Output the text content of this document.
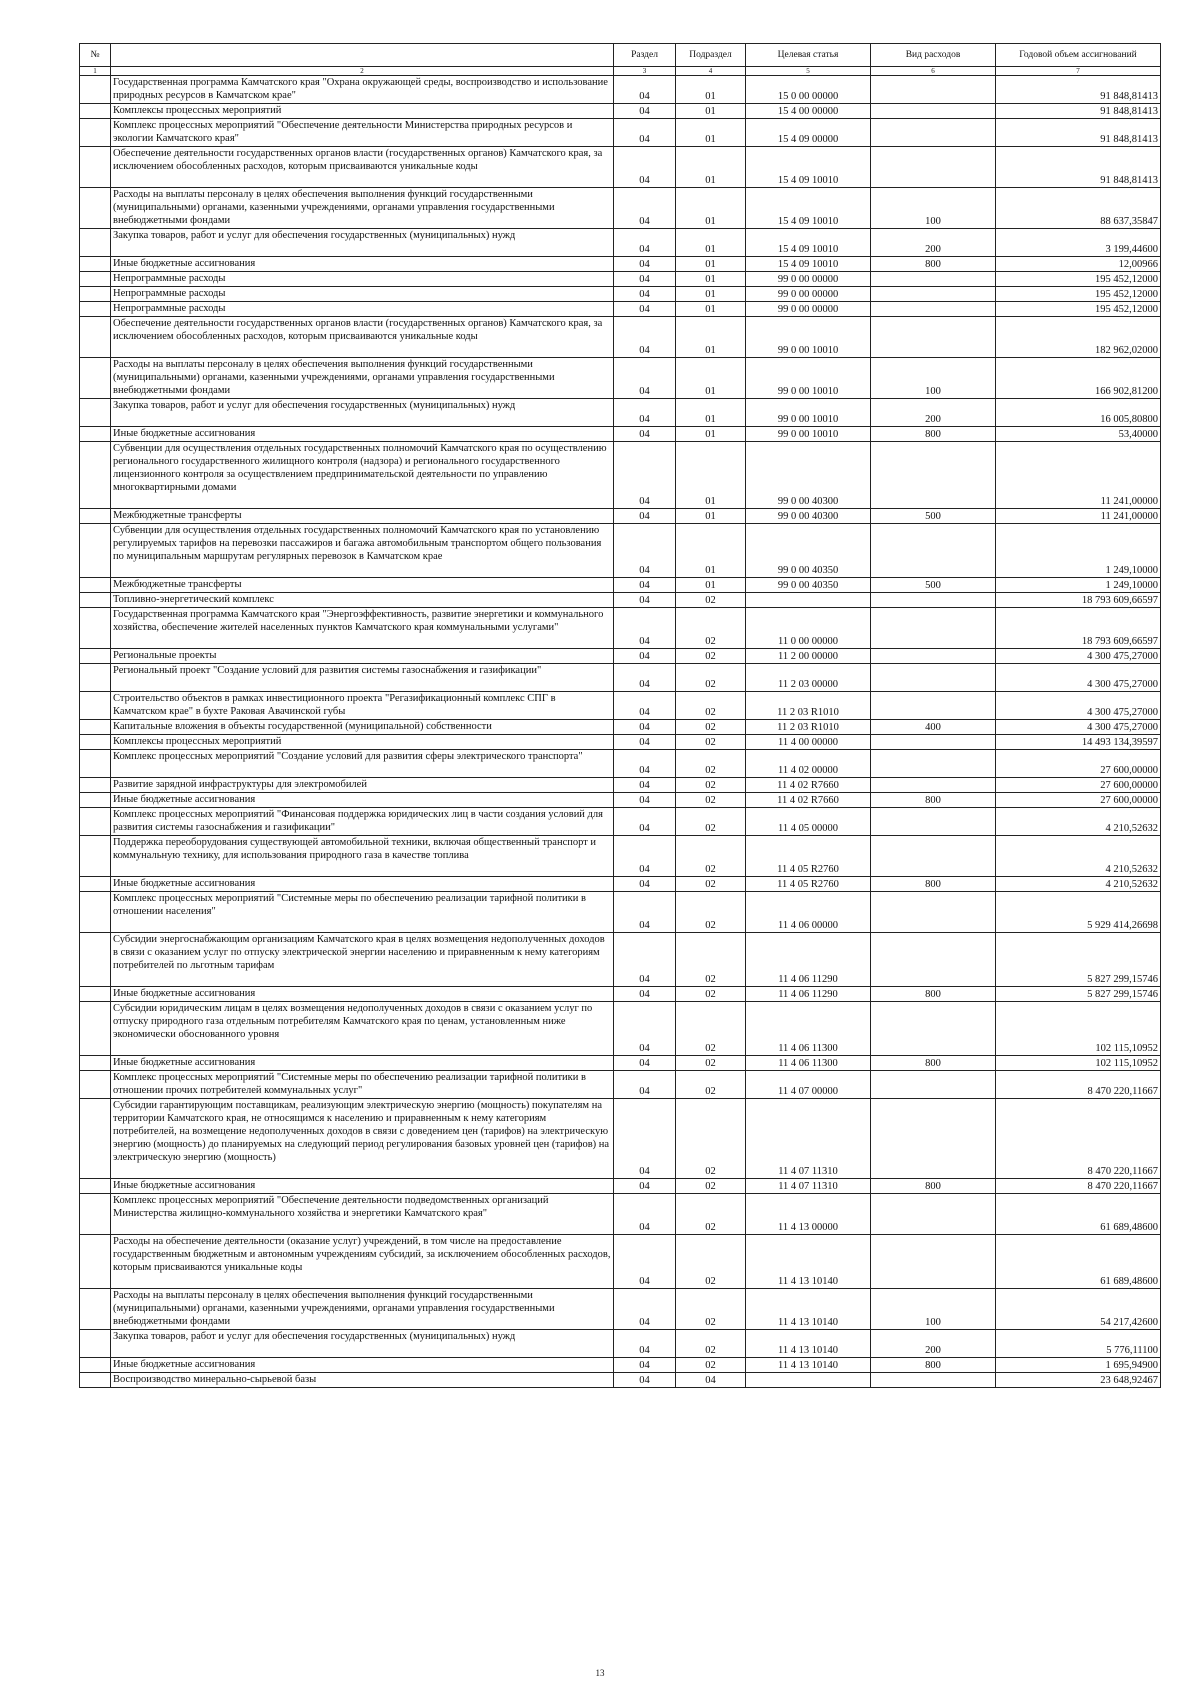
№		Раздел	Подраздел	Целевая статья	Вид расходов	Годовой объем ассигнований
1	2	3	4	5	6	7
	Государственная программа Камчатского края "Охрана окружающей среды, воспроизводство и использование природных ресурсов в Камчатском крае"	04	01	15 0 00 00000		91 848,81413
	Комплексы процессных мероприятий	04	01	15 4 00 00000		91 848,81413
	Комплекс процессных мероприятий "Обеспечение деятельности Министерства природных ресурсов и экологии Камчатского края"	04	01	15 4 09 00000		91 848,81413
	Обеспечение деятельности государственных органов власти (государственных органов) Камчатского края, за исключением обособленных расходов, которым присваиваются уникальные коды	04	01	15 4 09 10010		91 848,81413
	Расходы на выплаты персоналу в целях обеспечения выполнения функций государственными (муниципальными) органами, казенными учреждениями, органами управления государственными внебюджетными фондами	04	01	15 4 09 10010	100	88 637,35847
	Закупка товаров, работ и услуг для обеспечения государственных (муниципальных) нужд	04	01	15 4 09 10010	200	3 199,44600
	Иные бюджетные ассигнования	04	01	15 4 09 10010	800	12,00966
	Непрограммные расходы	04	01	99 0 00 00000		195 452,12000
	Непрограммные расходы	04	01	99 0 00 00000		195 452,12000
	Непрограммные расходы	04	01	99 0 00 00000		195 452,12000
	Обеспечение деятельности государственных органов власти (государственных органов) Камчатского края, за исключением обособленных расходов, которым присваиваются уникальные коды	04	01	99 0 00 10010		182 962,02000
	Расходы на выплаты персоналу в целях обеспечения выполнения функций государственными (муниципальными) органами, казенными учреждениями, органами управления государственными внебюджетными фондами	04	01	99 0 00 10010	100	166 902,81200
	Закупка товаров, работ и услуг для обеспечения государственных (муниципальных) нужд	04	01	99 0 00 10010	200	16 005,80800
	Иные бюджетные ассигнования	04	01	99 0 00 10010	800	53,40000
	Субвенции для осуществления отдельных государственных полномочий Камчатского края по осуществлению регионального государственного жилищного контроля (надзора) и регионального государственного лицензионного контроля за осуществлением предпринимательской деятельности по управлению многоквартирными домами	04	01	99 0 00 40300		11 241,00000
	Межбюджетные трансферты	04	01	99 0 00 40300	500	11 241,00000
	Субвенции для осуществления отдельных государственных полномочий Камчатского края по установлению регулируемых тарифов на перевозки пассажиров и багажа автомобильным транспортом общего пользования по муниципальным маршрутам регулярных перевозок в Камчатском крае	04	01	99 0 00 40350		1 249,10000
	Межбюджетные трансферты	04	01	99 0 00 40350	500	1 249,10000
	Топливно-энергетический комплекс	04	02			18 793 609,66597
	Государственная программа Камчатского края "Энергоэффективность, развитие энергетики и коммунального хозяйства, обеспечение жителей населенных пунктов Камчатского края коммунальными услугами"	04	02	11 0 00 00000		18 793 609,66597
	Региональные проекты	04	02	11 2 00 00000		4 300 475,27000
	Региональный проект "Создание условий для развития системы газоснабжения и газификации"	04	02	11 2 03 00000		4 300 475,27000
	Строительство объектов в рамках инвестиционного проекта "Регазификационный комплекс СПГ в Камчатском крае" в бухте Раковая Авачинской губы	04	02	11 2 03 R1010		4 300 475,27000
	Капитальные вложения в объекты государственной (муниципальной) собственности	04	02	11 2 03 R1010	400	4 300 475,27000
	Комплексы процессных мероприятий	04	02	11 4 00 00000		14 493 134,39597
	Комплекс процессных мероприятий "Создание условий для развития сферы электрического транспорта"	04	02	11 4 02 00000		27 600,00000
	Развитие зарядной инфраструктуры для электромобилей	04	02	11 4 02 R7660		27 600,00000
	Иные бюджетные ассигнования	04	02	11 4 02 R7660	800	27 600,00000
	Комплекс процессных мероприятий "Финансовая поддержка юридических лиц в части создания условий для развития системы газоснабжения и газификации"	04	02	11 4 05 00000		4 210,52632
	Поддержка переоборудования существующей автомобильной техники, включая общественный транспорт и коммунальную технику, для использования природного газа в качестве топлива	04	02	11 4 05 R2760		4 210,52632
	Иные бюджетные ассигнования	04	02	11 4 05 R2760	800	4 210,52632
	Комплекс процессных мероприятий "Системные меры по обеспечению реализации тарифной политики в отношении населения"	04	02	11 4 06 00000		5 929 414,26698
	Субсидии энергоснабжающим организациям Камчатского края в целях возмещения недополученных доходов в связи с оказанием услуг по отпуску электрической энергии населению и приравненным к нему категориям потребителей по льготным тарифам	04	02	11 4 06 11290		5 827 299,15746
	Иные бюджетные ассигнования	04	02	11 4 06 11290	800	5 827 299,15746
	Субсидии юридическим лицам в целях возмещения недополученных доходов в связи с оказанием услуг по отпуску природного газа отдельным потребителям Камчатского края по ценам, установленным ниже экономически обоснованного уровня	04	02	11 4 06 11300		102 115,10952
	Иные бюджетные ассигнования	04	02	11 4 06 11300	800	102 115,10952
	Комплекс процессных мероприятий "Системные меры по обеспечению реализации тарифной политики в отношении прочих потребителей коммунальных услуг"	04	02	11 4 07 00000		8 470 220,11667
	Субсидии гарантирующим поставщикам, реализующим электрическую энергию (мощность) покупателям на территории Камчатского края, не относящимся к населению и приравненным к нему категориям потребителей, на возмещение недополученных доходов в связи с доведением цен (тарифов) на электрическую энергию (мощность) до планируемых на следующий период регулирования базовых уровней цен (тарифов) на электрическую энергию (мощность)	04	02	11 4 07 11310		8 470 220,11667
	Иные бюджетные ассигнования	04	02	11 4 07 11310	800	8 470 220,11667
	Комплекс процессных мероприятий "Обеспечение деятельности подведомственных организаций Министерства жилищно-коммунального хозяйства и энергетики Камчатского края"	04	02	11 4 13 00000		61 689,48600
	Расходы на обеспечение деятельности (оказание услуг) учреждений, в том числе на предоставление государственным бюджетным и автономным учреждениям субсидий, за исключением обособленных расходов, которым присваиваются уникальные коды	04	02	11 4 13 10140		61 689,48600
	Расходы на выплаты персоналу в целях обеспечения выполнения функций государственными (муниципальными) органами, казенными учреждениями, органами управления государственными внебюджетными фондами	04	02	11 4 13 10140	100	54 217,42600
	Закупка товаров, работ и услуг для обеспечения государственных (муниципальных) нужд	04	02	11 4 13 10140	200	5 776,11100
	Иные бюджетные ассигнования	04	02	11 4 13 10140	800	1 695,94900
	Воспроизводство минерально-сырьевой базы	04	04			23 648,92467
13
